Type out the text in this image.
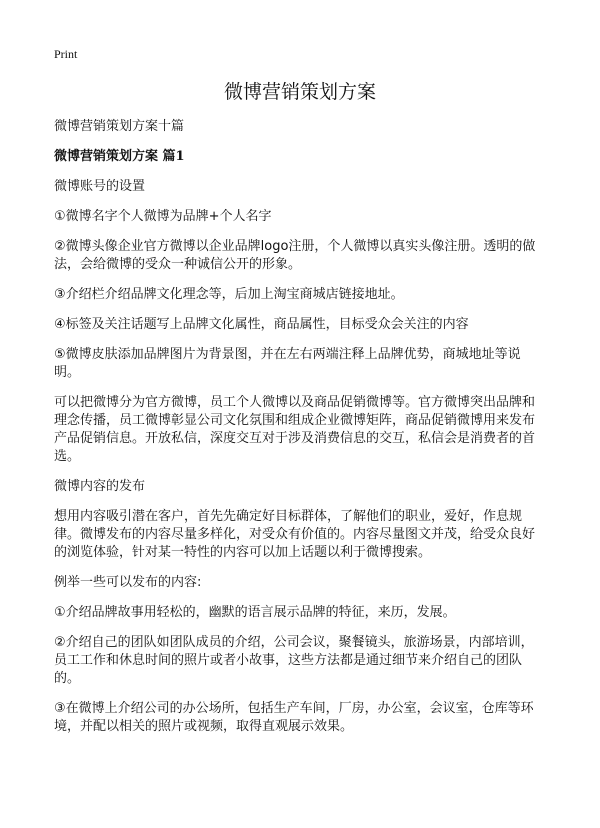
Print
微博营销策划方案

微博营销策划方案十篇

微博营销策划方案 篇1

微博账号的设置

①微博名字个人微博为品牌+个人名字

②微博头像企业官方微博以企业品牌logo注册，个人微博以真实头像注册。透明的做法，会给微博的受众一种诚信公开的形象。

③介绍栏介绍品牌文化理念等，后加上淘宝商城店链接地址。

④标签及关注话题写上品牌文化属性，商品属性，目标受众会关注的内容

⑤微博皮肤添加品牌图片为背景图，并在左右两端注释上品牌优势，商城地址等说明。

可以把微博分为官方微博，员工个人微博以及商品促销微博等。官方微博突出品牌和理念传播，员工微博彰显公司文化氛围和组成企业微博矩阵，商品促销微博用来发布产品促销信息。开放私信，深度交互对于涉及消费信息的交互，私信会是消费者的首选。

微博内容的发布

想用内容吸引潜在客户，首先先确定好目标群体，了解他们的职业，爱好，作息规律。微博发布的内容尽量多样化，对受众有价值的。内容尽量图文并茂，给受众良好的浏览体验，针对某一特性的内容可以加上话题以利于微博搜索。

例举一些可以发布的内容:

①介绍品牌故事用轻松的，幽默的语言展示品牌的特征，来历，发展。

②介绍自己的团队如团队成员的介绍，公司会议，聚餐镜头，旅游场景，内部培训，员工工作和休息时间的照片或者小故事，这些方法都是通过细节来介绍自己的团队的。

③在微博上介绍公司的办公场所，包括生产车间，厂房，办公室，会议室，仓库等环境，并配以相关的照片或视频，取得直观展示效果。
